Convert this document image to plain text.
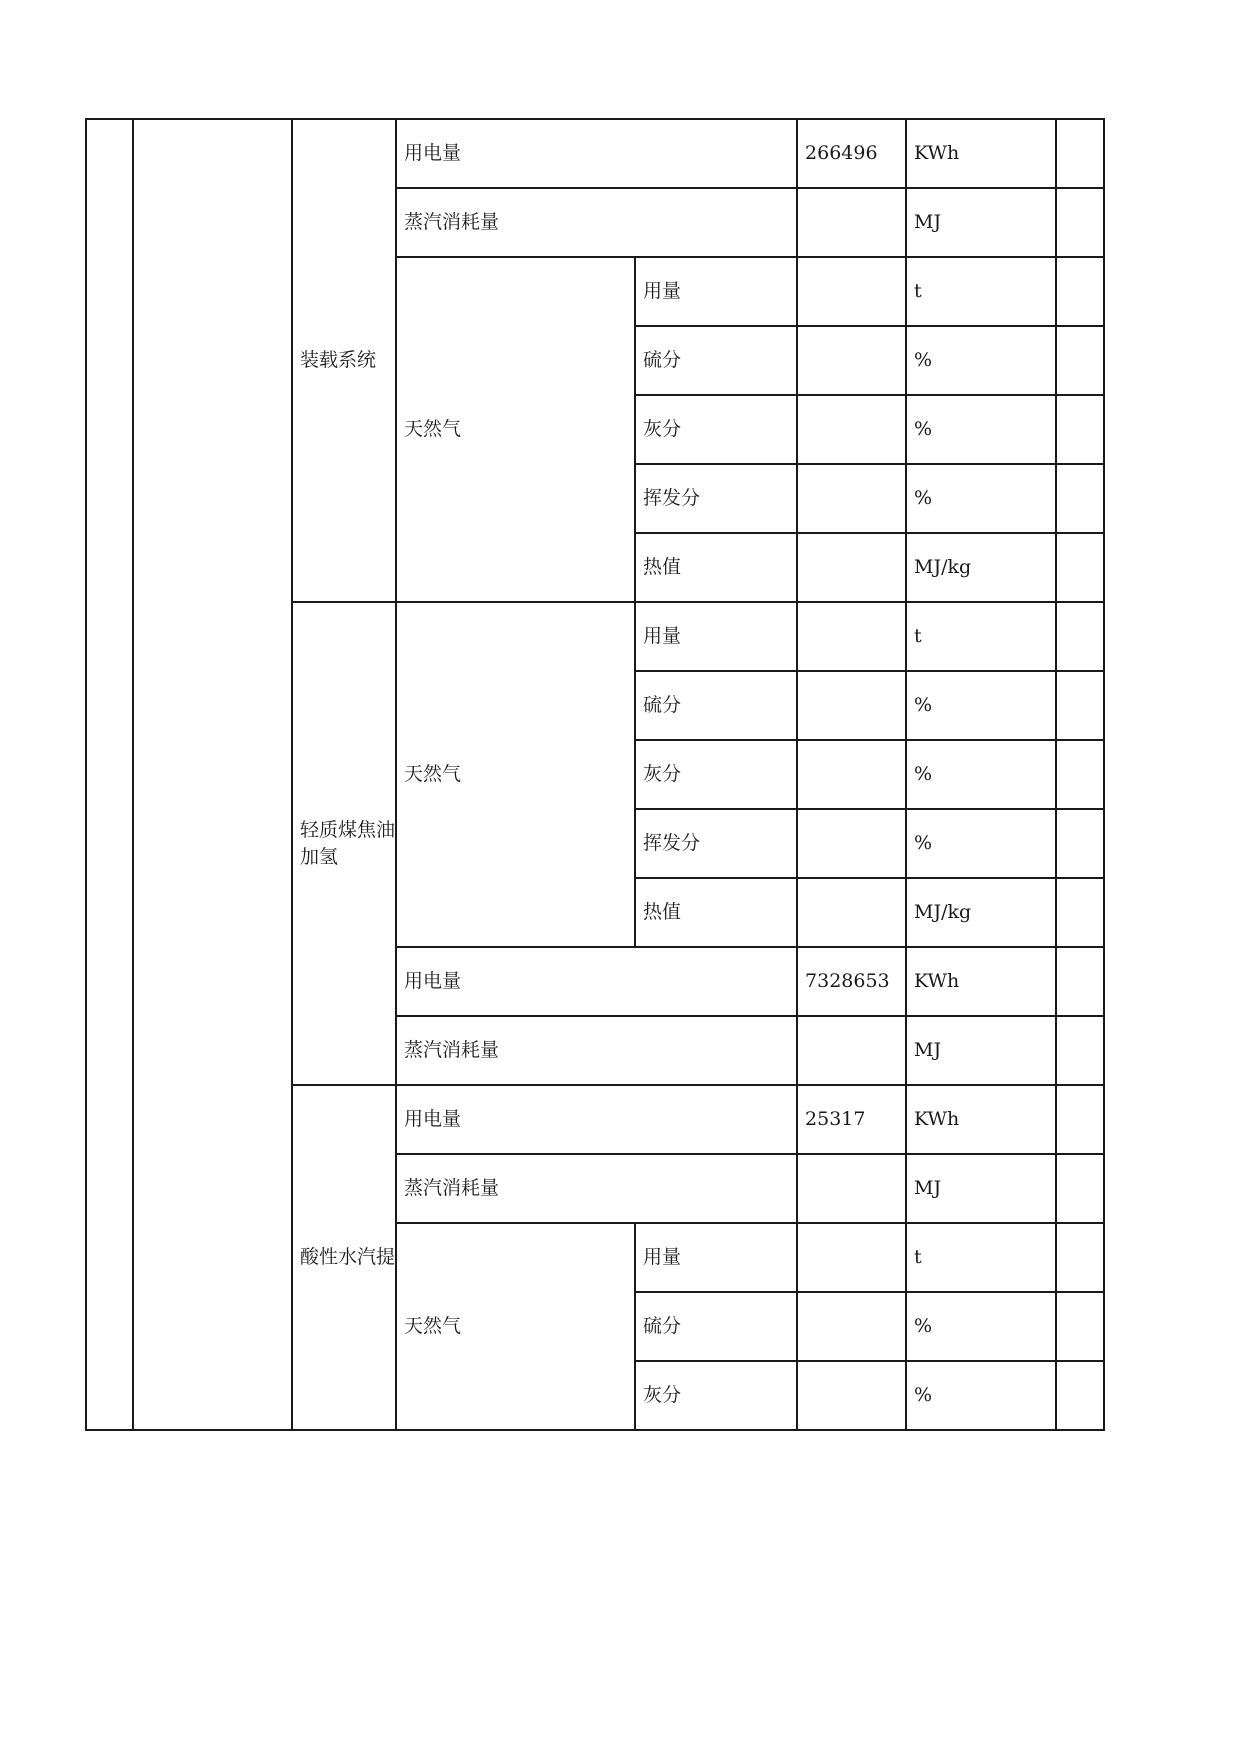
		装载系统	用电量		266496	KWh	
			蒸汽消耗量			MJ	
			天然气	用量		t	
				硫分		%	
				灰分		%	
				挥发分		%	
				热值		MJ/kg	
		轻质煤焦油加氢	天然气	用量		t	
				硫分		%	
				灰分		%	
				挥发分		%	
				热值		MJ/kg	
			用电量		7328653	KWh	
			蒸汽消耗量			MJ	
		酸性水汽提	用电量		25317	KWh	
			蒸汽消耗量			MJ	
			天然气	用量		t	
				硫分		%	
				灰分		%	
